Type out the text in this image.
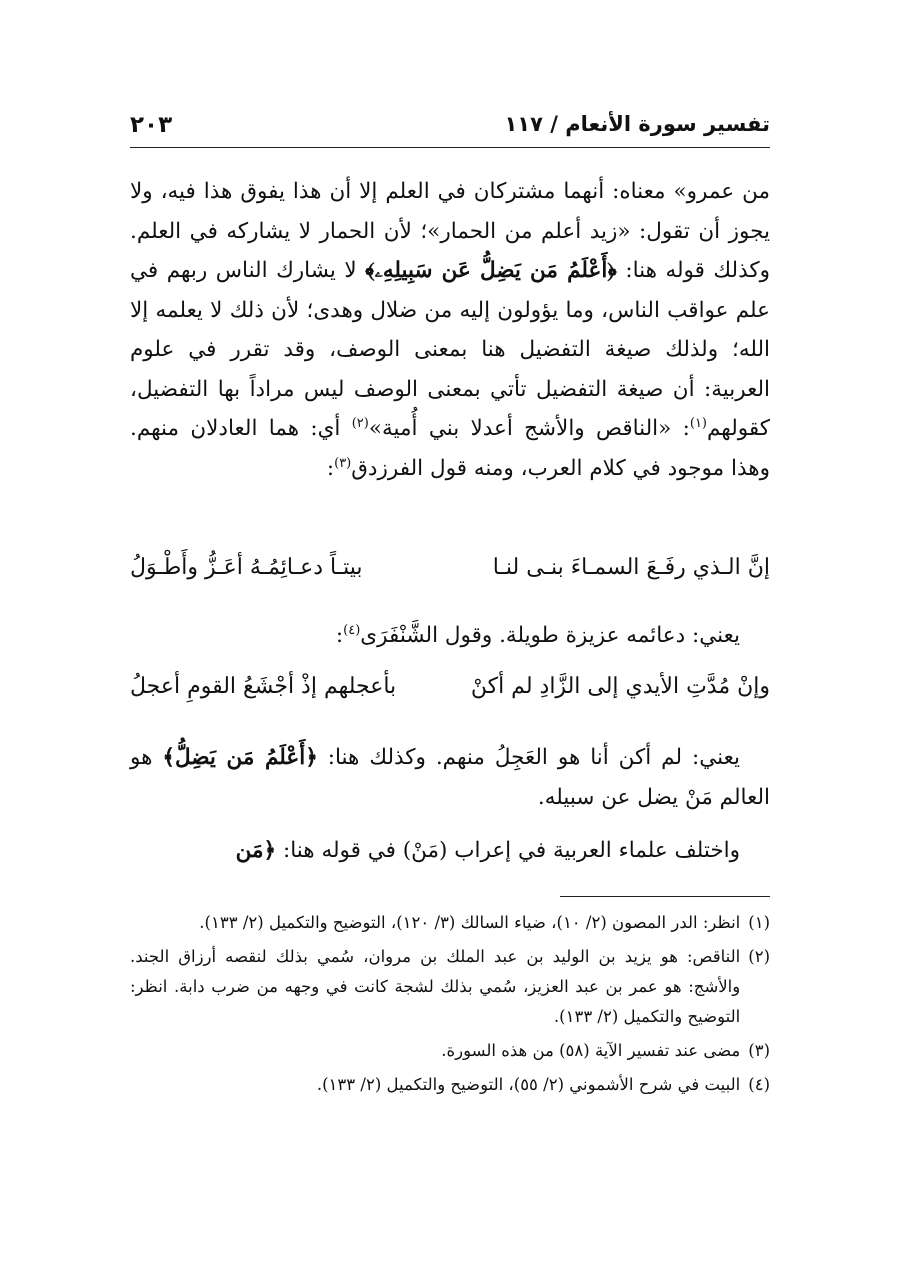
تفسير سورة الأنعام / ١١٧
٢٠٣

من عمرو» معناه: أنهما مشتركان في العلم إلا أن هذا يفوق هذا فيه، ولا يجوز أن تقول: «زيد أعلم من الحمار»؛ لأن الحمار لا يشاركه في العلم. وكذلك قوله هنا: ﴿أَعْلَمُ مَن يَضِلُّ عَن سَبِيلِهِۦ﴾ لا يشارك الناس ربهم في علم عواقب الناس، وما يؤولون إليه من ضلال وهدى؛ لأن ذلك لا يعلمه إلا الله؛ ولذلك صيغة التفضيل هنا بمعنى الوصف، وقد تقرر في علوم العربية: أن صيغة التفضيل تأتي بمعنى الوصف ليس مراداً بها التفضيل، كقولهم$^{(١)}$: «الناقص والأشج أعدلا بني أُمية»$^{(٢)}$ أي: هما العادلان منهم. وهذا موجود في كلام العرب، ومنه قول الفرزدق$^{(٣)}$:

إنَّ الـذي رفَـعَ السمـاءَ بنـى لنـا
بيتـاً دعـائِمُـهُ أعَـزُّ وأَطْـوَلُ
يعني: دعائمه عزيزة طويلة. وقول الشَّنْفَرَى$^{(٤)}$:
وإنْ مُدَّتِ الأيدي إلى الزَّادِ لم أكنْ
بأعجلهم إذْ أجْشَعُ القومِ أعجلُ

يعني: لم أكن أنا هو العَجِلُ منهم. وكذلك هنا: ﴿أَعْلَمُ مَن يَضِلُّ﴾ هو العالم مَنْ يضل عن سبيله.

واختلف علماء العربية في إعراب (مَنْ) في قوله هنا: ﴿مَن

(١)
انظر: الدر المصون (٢/ ١٠)، ضياء السالك (٣/ ١٢٠)، التوضيح والتكميل (٢/ ١٣٣).
(٢)
الناقص: هو يزيد بن الوليد بن عبد الملك بن مروان، سُمي بذلك لنقصه أرزاق الجند. والأشج: هو عمر بن عبد العزيز، سُمي بذلك لشجة كانت في وجهه من ضرب دابة. انظر: التوضيح والتكميل (٢/ ١٣٣).
(٣)
مضى عند تفسير الآية (٥٨) من هذه السورة.
(٤)
البيت في شرح الأشموني (٢/ ٥٥)، التوضيح والتكميل (٢/ ١٣٣).
